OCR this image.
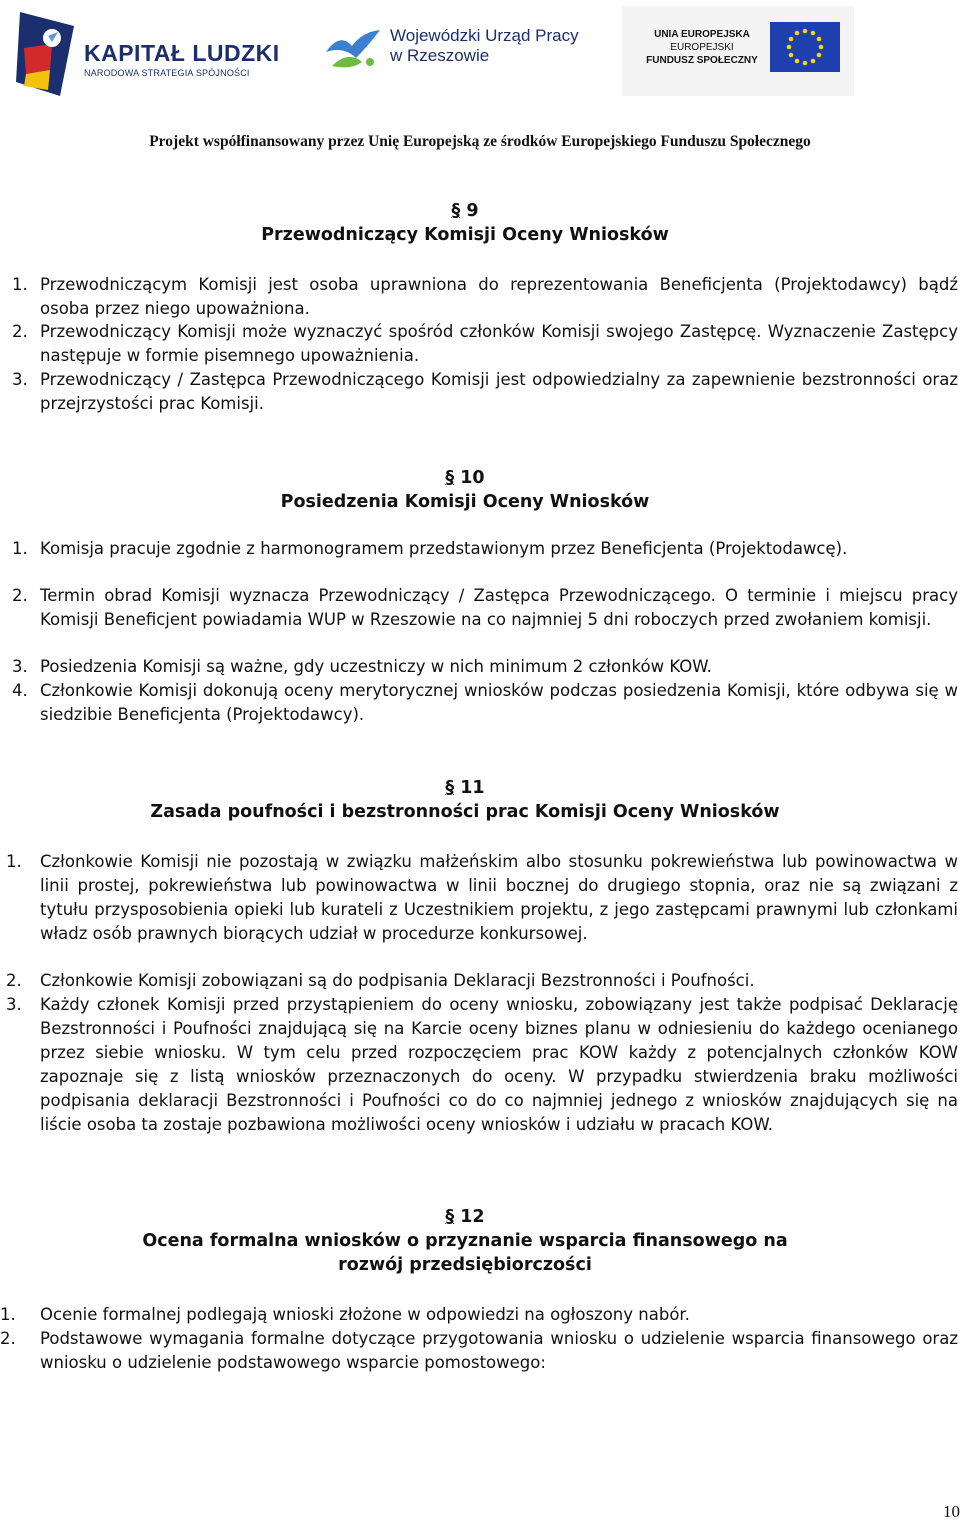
KAPITAŁ LUDZKI
NARODOWA STRATEGIA SPÓJNOŚCI
Wojewódzki Urząd Pracy
w Rzeszowie
UNIA EUROPEJSKA
EUROPEJSKI
FUNDUSZ SPOŁECZNY
Projekt współfinansowany przez Unię Europejską ze środków Europejskiego Funduszu Społecznego
§ 9
Przewodniczący Komisji Oceny Wniosków
1. Przewodniczącym Komisji jest osoba uprawniona do reprezentowania Beneficjenta (Projektodawcy) bądź osoba przez niego upoważniona.
2. Przewodniczący Komisji może wyznaczyć spośród członków Komisji swojego Zastępcę. Wyznaczenie Zastępcy następuje w formie pisemnego upoważnienia.
3. Przewodniczący / Zastępca Przewodniczącego Komisji jest odpowiedzialny za zapewnienie bezstronności oraz przejrzystości prac Komisji.
§ 10
Posiedzenia Komisji Oceny Wniosków
1. Komisja pracuje zgodnie z harmonogramem przedstawionym przez Beneficjenta (Projektodawcę).
2. Termin obrad Komisji wyznacza Przewodniczący / Zastępca Przewodniczącego. O terminie i miejscu pracy Komisji Beneficjent powiadamia WUP w Rzeszowie na co najmniej 5 dni roboczych przed zwołaniem komisji.
3. Posiedzenia Komisji są ważne, gdy uczestniczy w nich minimum 2 członków KOW.
4. Członkowie Komisji dokonują oceny merytorycznej wniosków podczas posiedzenia Komisji, które odbywa się w siedzibie Beneficjenta (Projektodawcy).
§ 11
Zasada poufności i bezstronności prac Komisji Oceny Wniosków
1. Członkowie Komisji nie pozostają w związku małżeńskim albo stosunku pokrewieństwa lub powinowactwa w linii prostej, pokrewieństwa lub powinowactwa w linii bocznej do drugiego stopnia, oraz nie są związani z tytułu przysposobienia opieki lub kurateli z Uczestnikiem projektu, z jego zastępcami prawnymi lub członkami władz osób prawnych biorących udział w procedurze konkursowej.
2. Członkowie Komisji zobowiązani są do podpisania Deklaracji Bezstronności i Poufności.
3. Każdy członek Komisji przed przystąpieniem do oceny wniosku, zobowiązany jest także podpisać Deklarację Bezstronności i Poufności znajdującą się na Karcie oceny biznes planu w odniesieniu do każdego ocenianego przez siebie wniosku. W tym celu przed rozpoczęciem prac KOW każdy z potencjalnych członków KOW zapoznaje się z listą wniosków przeznaczonych do oceny. W przypadku stwierdzenia braku możliwości podpisania deklaracji Bezstronności i Poufności co do co najmniej jednego z wniosków znajdujących się na liście osoba ta zostaje pozbawiona możliwości oceny wniosków i udziału w pracach KOW.
§ 12
Ocena formalna wniosków o przyznanie wsparcia finansowego na
rozwój przedsiębiorczości
1. Ocenie formalnej podlegają wnioski złożone w odpowiedzi na ogłoszony nabór.
2. Podstawowe wymagania formalne dotyczące przygotowania wniosku o udzielenie wsparcia finansowego oraz wniosku o udzielenie podstawowego wsparcie pomostowego:
10
